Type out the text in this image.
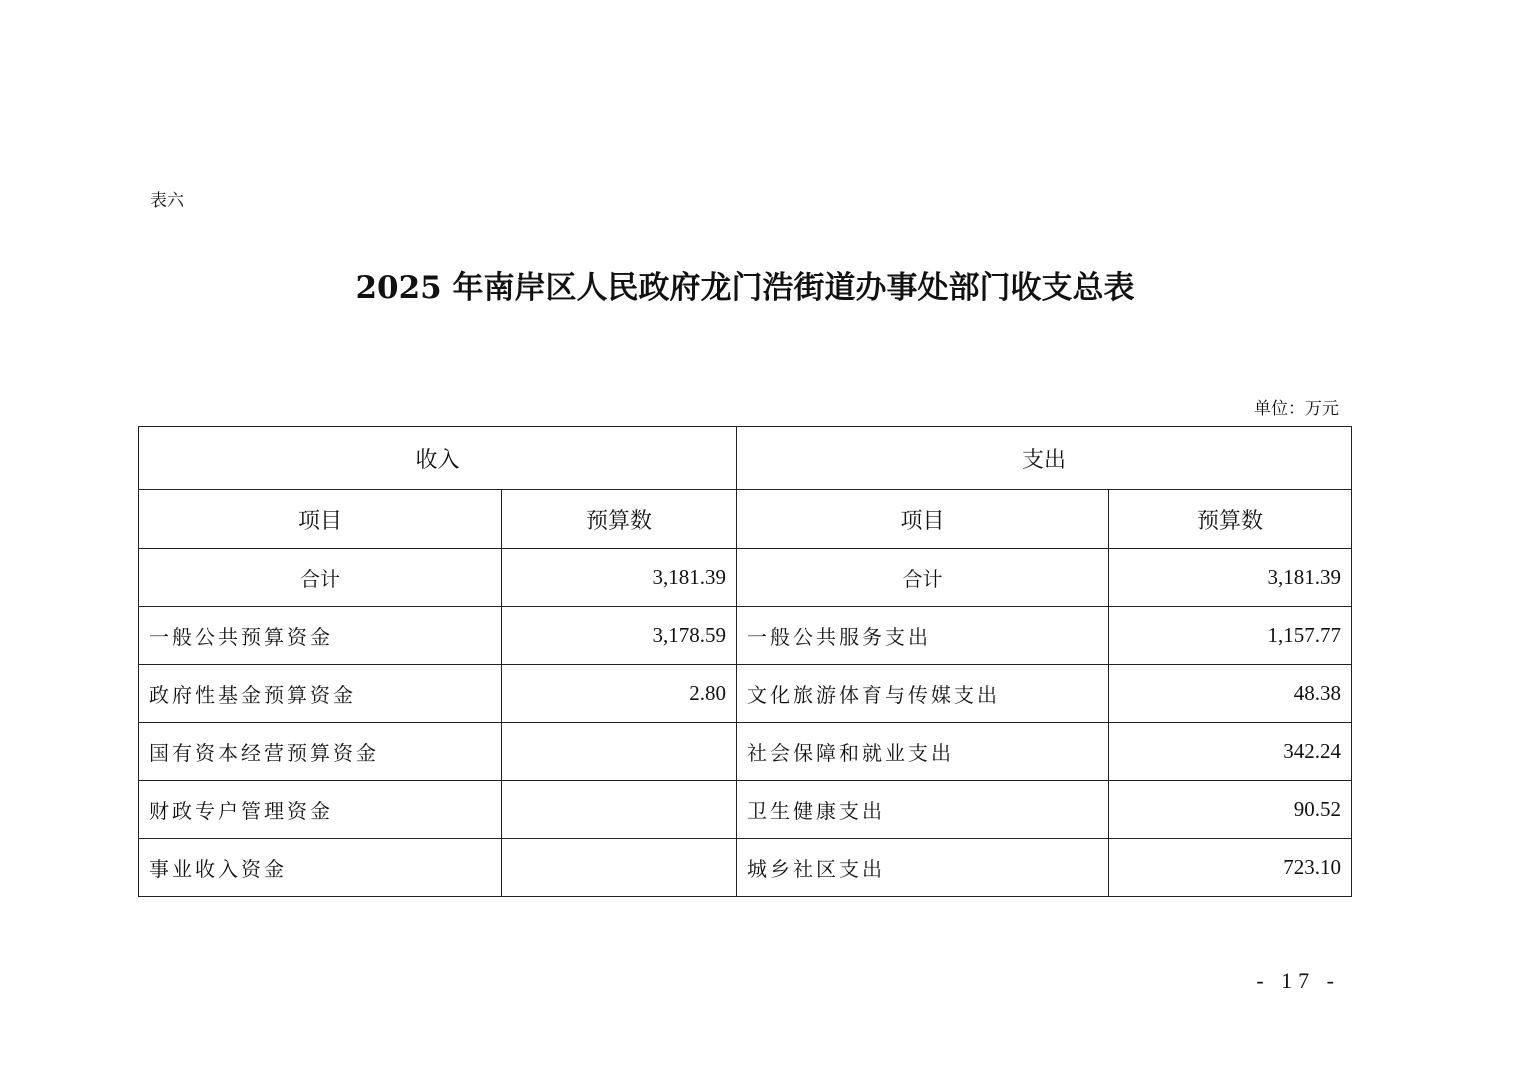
表六
2025 年南岸区人民政府龙门浩街道办事处部门收支总表
单位：万元
收入		支出	
项目	预算数	项目	预算数
合计	3,181.39	合计	3,181.39
一般公共预算资金	3,178.59	一般公共服务支出	1,157.77
政府性基金预算资金	2.80	文化旅游体育与传媒支出	48.38
国有资本经营预算资金		社会保障和就业支出	342.24
财政专户管理资金		卫生健康支出	90.52
事业收入资金		城乡社区支出	723.10
- 17 -
